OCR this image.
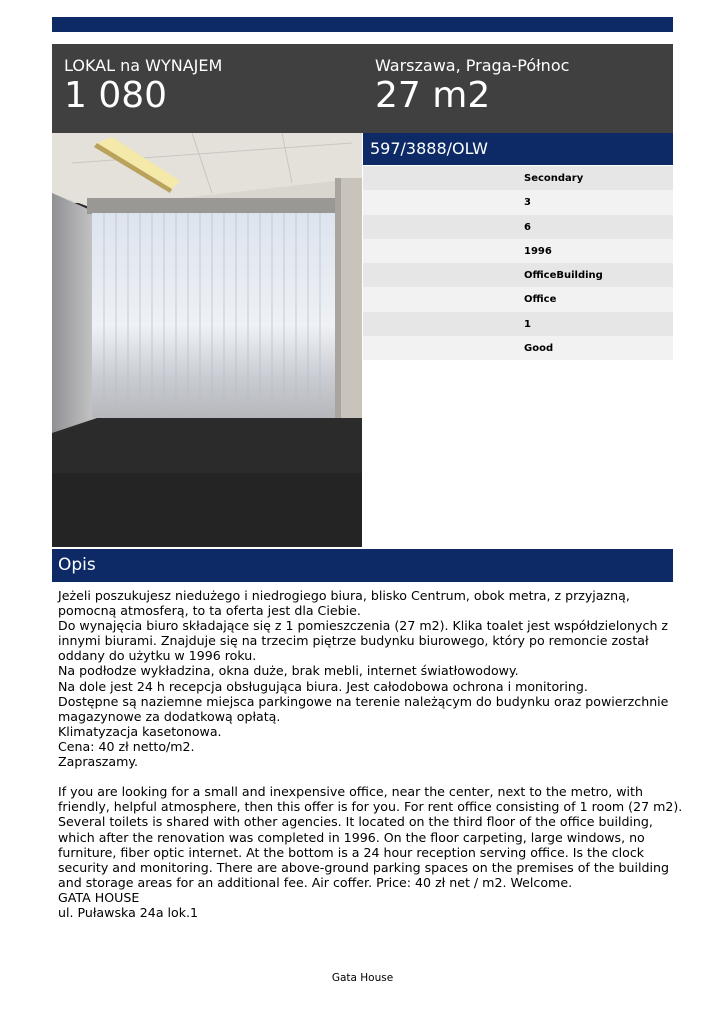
LOKAL na WYNAJEM
1 080
Warszawa, Praga-Północ
27 m2
597/3888/OLW
Secondary
3
6
1996
OfficeBuilding
Office
1
Good
Opis
Jeżeli poszukujesz niedużego i niedrogiego biura, blisko Centrum, obok metra, z przyjazną,
pomocną atmosferą, to ta oferta jest dla Ciebie.
Do wynajęcia biuro składające się z 1 pomieszczenia (27 m2). Klika toalet jest współdzielonych z
innymi biurami. Znajduje się na trzecim piętrze budynku biurowego, który po remoncie został
oddany do użytku w 1996 roku.
Na podłodze wykładzina, okna duże, brak mebli, internet światłowodowy.
Na dole jest 24 h recepcja obsługująca biura. Jest całodobowa ochrona i monitoring.
Dostępne są naziemne miejsca parkingowe na terenie należącym do budynku oraz powierzchnie
magazynowe za dodatkową opłatą.
Klimatyzacja kasetonowa.
Cena: 40 zł netto/m2.
Zapraszamy.
If you are looking for a small and inexpensive office, near the center, next to the metro, with
friendly, helpful atmosphere, then this offer is for you. For rent office consisting of 1 room (27 m2).
Several toilets is shared with other agencies. It located on the third floor of the office building,
which after the renovation was completed in 1996. On the floor carpeting, large windows, no
furniture, fiber optic internet. At the bottom is a 24 hour reception serving office. Is the clock
security and monitoring. There are above-ground parking spaces on the premises of the building
and storage areas for an additional fee. Air coffer. Price: 40 zł net / m2. Welcome.
GATA HOUSE
ul. Puławska 24a lok.1
Gata House
